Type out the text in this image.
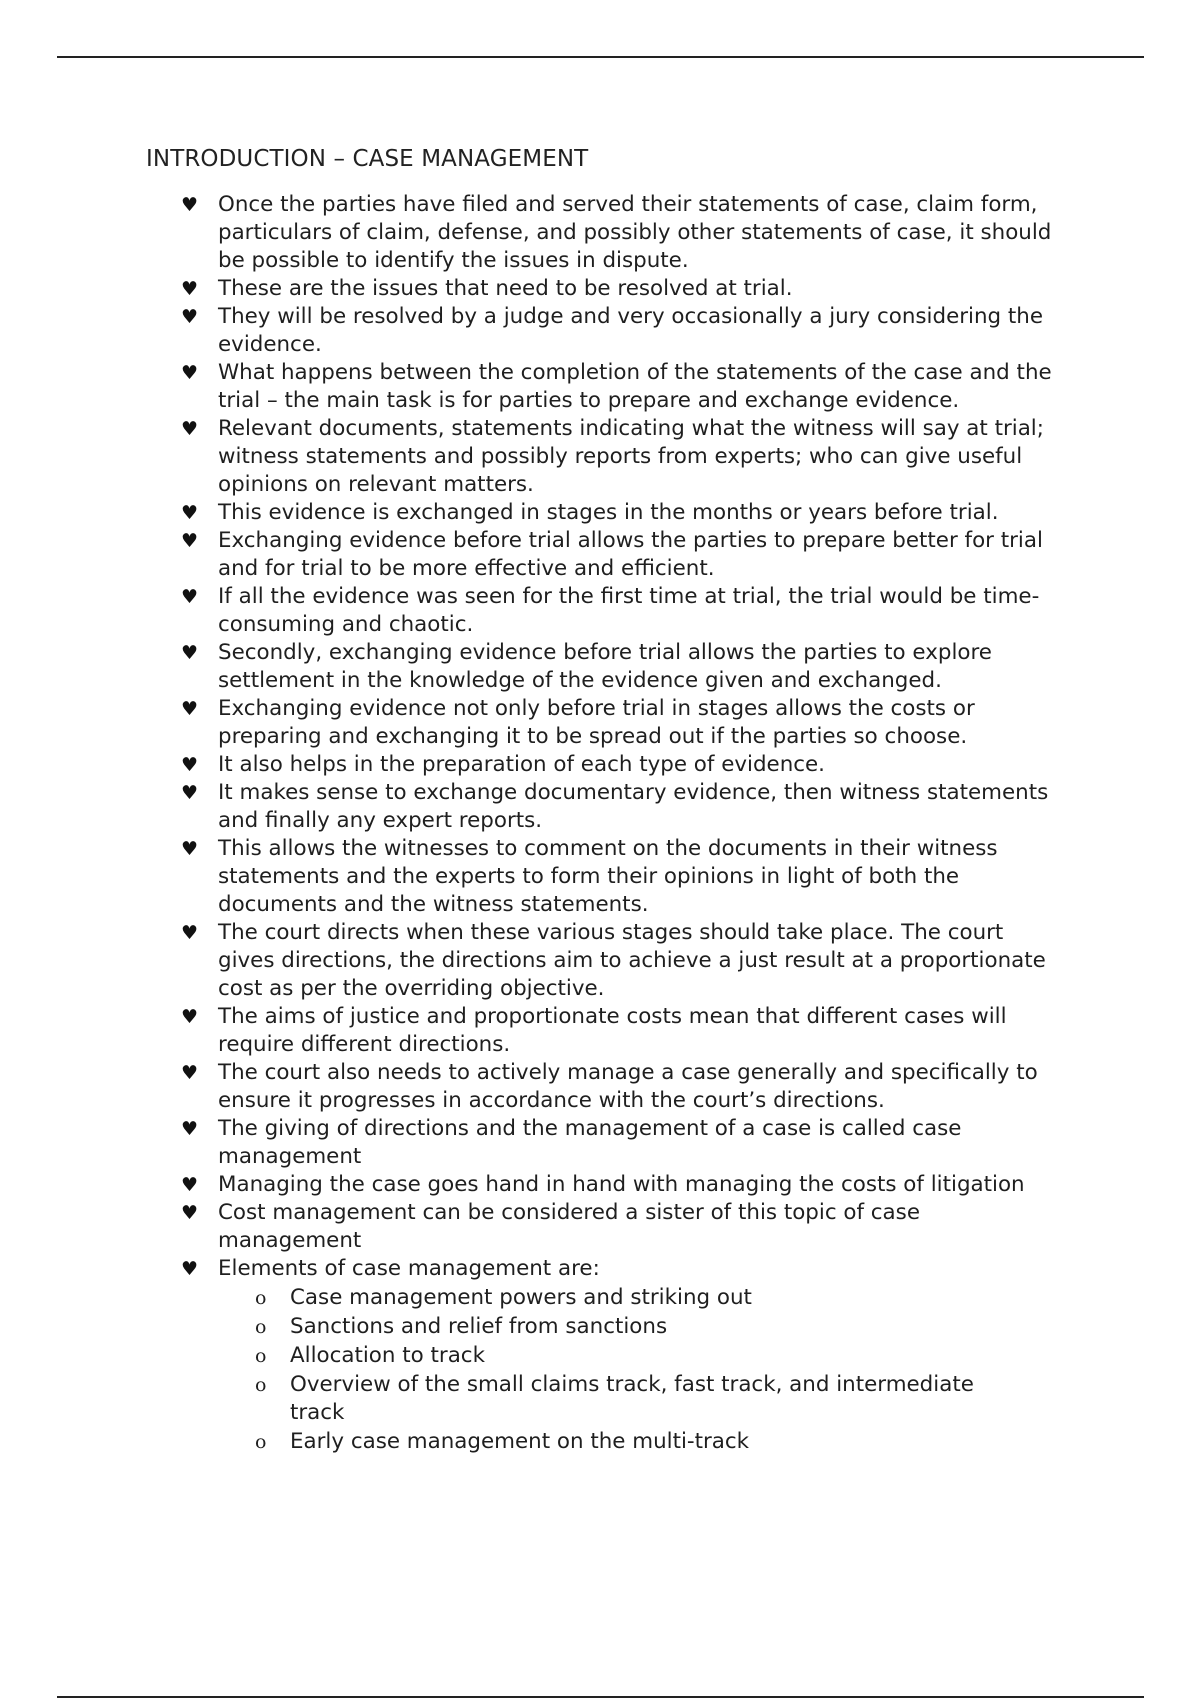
INTRODUCTION – CASE MANAGEMENT
♥ Once the parties have filed and served their statements of case, claim form, particulars of claim, defense, and possibly other statements of case, it should be possible to identify the issues in dispute.
♥ These are the issues that need to be resolved at trial.
♥ They will be resolved by a judge and very occasionally a jury considering the evidence.
♥ What happens between the completion of the statements of the case and the trial – the main task is for parties to prepare and exchange evidence.
♥ Relevant documents, statements indicating what the witness will say at trial; witness statements and possibly reports from experts; who can give useful opinions on relevant matters.
♥ This evidence is exchanged in stages in the months or years before trial.
♥ Exchanging evidence before trial allows the parties to prepare better for trial and for trial to be more effective and efficient.
♥ If all the evidence was seen for the first time at trial, the trial would be time-consuming and chaotic.
♥ Secondly, exchanging evidence before trial allows the parties to explore settlement in the knowledge of the evidence given and exchanged.
♥ Exchanging evidence not only before trial in stages allows the costs or preparing and exchanging it to be spread out if the parties so choose.
♥ It also helps in the preparation of each type of evidence.
♥ It makes sense to exchange documentary evidence, then witness statements and finally any expert reports.
♥ This allows the witnesses to comment on the documents in their witness statements and the experts to form their opinions in light of both the documents and the witness statements.
♥ The court directs when these various stages should take place. The court gives directions, the directions aim to achieve a just result at a proportionate cost as per the overriding objective.
♥ The aims of justice and proportionate costs mean that different cases will require different directions.
♥ The court also needs to actively manage a case generally and specifically to ensure it progresses in accordance with the court’s directions.
♥ The giving of directions and the management of a case is called case management
♥ Managing the case goes hand in hand with managing the costs of litigation
♥ Cost management can be considered a sister of this topic of case management
♥ Elements of case management are:
o Case management powers and striking out
o Sanctions and relief from sanctions
o Allocation to track
o Overview of the small claims track, fast track, and intermediate track
o Early case management on the multi-track
